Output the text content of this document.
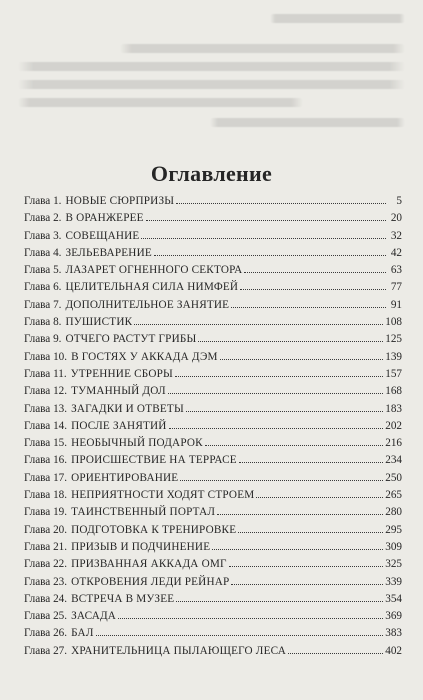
Оглавление
Глава 1. НОВЫЕ СЮРПРИЗЫ	5
Глава 2. В ОРАНЖЕРЕЕ	20
Глава 3. СОВЕЩАНИЕ	32
Глава 4. ЗЕЛЬЕВАРЕНИЕ	42
Глава 5. ЛАЗАРЕТ ОГНЕННОГО СЕКТОРА	63
Глава 6. ЦЕЛИТЕЛЬНАЯ СИЛА НИМФЕЙ	77
Глава 7. ДОПОЛНИТЕЛЬНОЕ ЗАНЯТИЕ	91
Глава 8. ПУШИСТИК	108
Глава 9. ОТЧЕГО РАСТУТ ГРИБЫ	125
Глава 10. В ГОСТЯХ У АККАДА ДЭМ	139
Глава 11. УТРЕННИЕ СБОРЫ	157
Глава 12. ТУМАННЫЙ ДОЛ	168
Глава 13. ЗАГАДКИ И ОТВЕТЫ	183
Глава 14. ПОСЛЕ ЗАНЯТИЙ	202
Глава 15. НЕОБЫЧНЫЙ ПОДАРОК	216
Глава 16. ПРОИСШЕСТВИЕ НА ТЕРРАСЕ	234
Глава 17. ОРИЕНТИРОВАНИЕ	250
Глава 18. НЕПРИЯТНОСТИ ХОДЯТ СТРОЕМ	265
Глава 19. ТАИНСТВЕННЫЙ ПОРТАЛ	280
Глава 20. ПОДГОТОВКА К ТРЕНИРОВКЕ	295
Глава 21. ПРИЗЫВ И ПОДЧИНЕНИЕ	309
Глава 22. ПРИЗВАННАЯ АККАДА ОМГ	325
Глава 23. ОТКРОВЕНИЯ ЛЕДИ РЕЙНАР	339
Глава 24. ВСТРЕЧА В МУЗЕЕ	354
Глава 25. ЗАСАДА	369
Глава 26. БАЛ	383
Глава 27. ХРАНИТЕЛЬНИЦА ПЫЛАЮЩЕГО ЛЕСА	402
